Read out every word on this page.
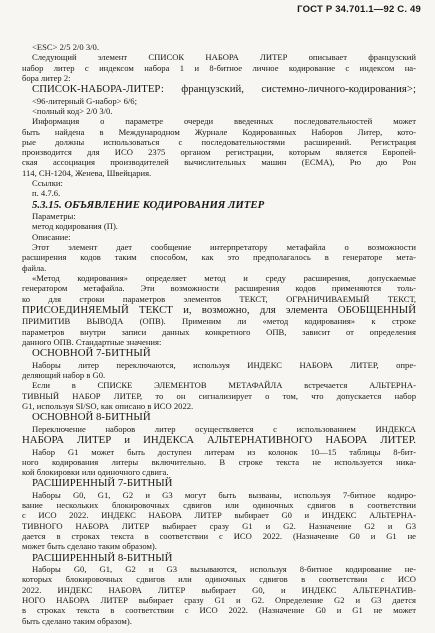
ГОСТ Р 34.701.1—92 С. 49
<ESC> 2/5 2/0 3/0.
Следующий элемент СПИСОК НАБОРА ЛИТЕР описывает французский
набор литер с индексом набора 1 и 8-битное личное кодирование с индексом на-
бора литер 2:
СПИСОК-НАБОРА-ЛИТЕР: французский, системно-личного-кодирования>;
<96-литерный G-набор> 6/6;
<полный код> 2/0 3/0.
Информация о параметре очереди введенных последовательностей может
быть найдена в Международном Журнале Кодированных Наборов Литер, кото-
рые должны использоваться с последовательностями расширений. Регистрация
производится для ИСО 2375 органом регистрации, которым является Европей-
ская ассоциация производителей вычислительных машин (ECMA), Рю дю Рон
114, СН-1204, Женева, Швейцария.
Ссылки:
п. 4.7.6.
5.3.15. ОБЪЯВЛЕНИЕ КОДИРОВАНИЯ ЛИТЕР
Параметры:
метод кодирования (П).
Описание:
Этот элемент дает сообщение интерпретатору метафайла о возможности
расширения кодов таким способом, как это предполагалось в генераторе мета-
файла.
«Метод кодирования» определяет метод и среду расширения, допускаемые
генератором метафайла. Эти возможности расширения кодов применяются толь-
ко для строки параметров элементов ТЕКСТ, ОГРАНИЧИВАЕМЫЙ ТЕКСТ,
ПРИСОЕДИНЯЕМЫЙ ТЕКСТ и, возможно, для элемента ОБОБЩЕННЫЙ
ПРИМИТИВ ВЫВОДА (ОПВ). Применим ли «метод кодирования» к строке
параметров внутри записи данных конкретного ОПВ, зависит от определения
данного ОПВ. Стандартные значения:
ОСНОВНОЙ 7-БИТНЫЙ
Наборы литер переключаются, используя ИНДЕКС НАБОРА ЛИТЕР, опре-
деляющий набор в G0.
Если в СПИСКЕ ЭЛЕМЕНТОВ МЕТАФАЙЛА встречается АЛЬТЕРНА-
ТИВНЫЙ НАБОР ЛИТЕР, то он сигнализирует о том, что допускается набор
G1, используя SI/SO, как описано в ИСО 2022.
ОСНОВНОЙ 8-БИТНЫЙ
Переключение наборов литер осуществляется с использованием ИНДЕКСА
НАБОРА ЛИТЕР и ИНДЕКСА АЛЬТЕРНАТИВНОГО НАБОРА ЛИТЕР.
Набор G1 может быть доступен литерам из колонок 10—15 таблицы 8-бит-
ного кодирования литеры включительно. В строке текста не используется ника-
кой блокировки или одиночного сдвига.
РАСШИРЕННЫЙ 7-БИТНЫЙ
Наборы G0, G1, G2 и G3 могут быть вызваны, используя 7-битное кодиро-
вание нескольких блокировочных сдвигов или одиночных сдвигов в соответствии
с ИСО 2022. ИНДЕКС НАБОРА ЛИТЕР выбирает G0 и ИНДЕКС АЛЬТЕРНА-
ТИВНОГО НАБОРА ЛИТЕР выбирает сразу G1 и G2. Назначение G2 и G3
дается в строках текста в соответствии с ИСО 2022. (Назначение G0 и G1 не
может быть сделано таким образом).
РАСШИРЕННЫЙ 8-БИТНЫЙ
Наборы G0, G1, G2 и G3 вызываются, используя 8-битное кодирование не-
которых блокировочных сдвигов или одиночных сдвигов в соответствии с ИСО
2022. ИНДЕКС НАБОРА ЛИТЕР выбирает G0, и ИНДЕКС АЛЬТЕРНАТИВ-
НОГО НАБОРА ЛИТЕР выбирает сразу G1 и G2. Определение G2 и G3 дается
в строках текста в соответствии с ИСО 2022. (Назначение G0 и G1 не может
быть сделано таким образом).
